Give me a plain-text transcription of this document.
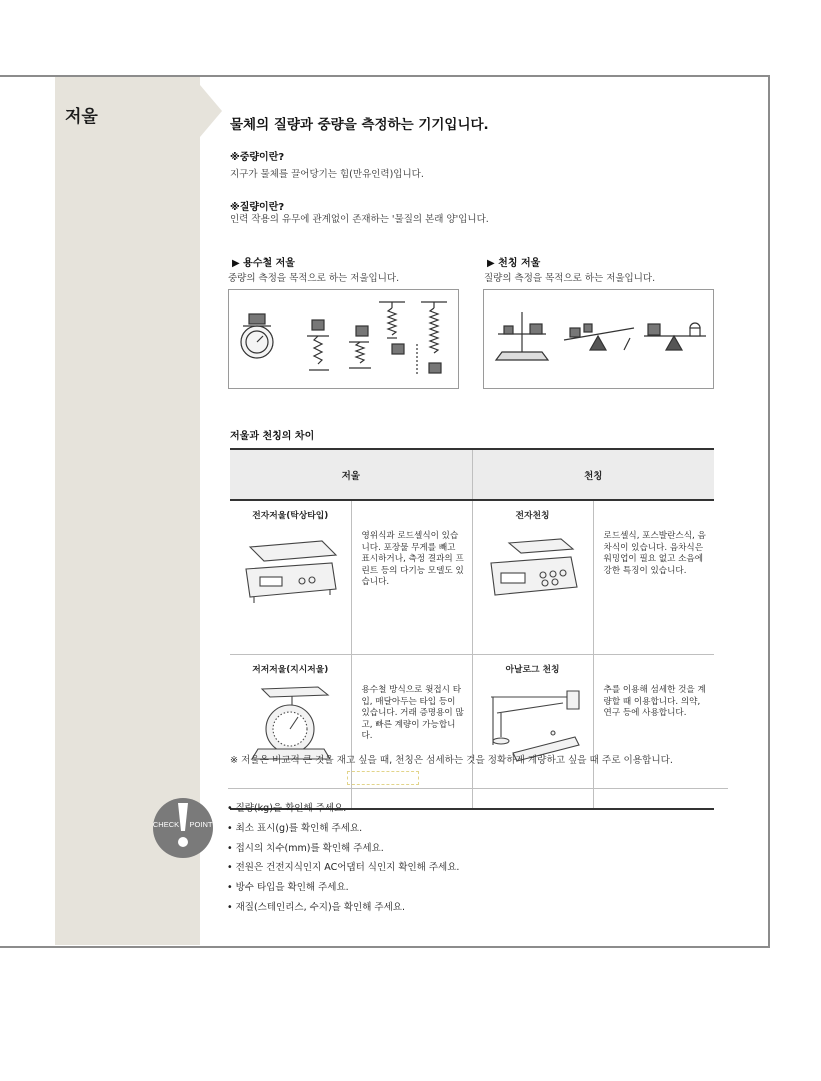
저울	물체의 질량과 중량을 측정하는 기기입니다.
※중량이란?
지구가 물체를 끌어당기는 힘(만유인력)입니다.
※질량이란?
인력 작용의 유무에 관계없이 존재하는 '물질의 본래 양'입니다.
▶ 용수철 저울
중량의 측정을 목적으로 하는 저울입니다.
▶ 천칭 저울
질량의 측정을 목적으로 하는 저울입니다.
저울과 천칭의 차이
저울		천칭	

전자저울(탁상타입)	영위식과 로드셀식이 있습니다. 포장물 무게를 빼고 표시하거나, 측정 결과의 프린트 등의 다기능 모델도 있습니다.	전자천칭	로드셀식, 포스발란스식, 음차식이 있습니다. 음차식은 워밍업이 필요 없고 소음에 강한 특징이 있습니다.

저저저울(지시저울)	용수철 방식으로 윗접시 타입, 매달아두는 타입 등이 있습니다. 거래 증명용이 많고, 빠른 계량이 가능합니다.	아날로그 천칭	추를 이용해 섬세한 것을 계량할 때 이용합니다. 의약, 연구 등에 사용합니다.
※ 저울은 비교적 큰 것을 재고 싶을 때, 천칭은 섬세하는 것을 정확하게 계량하고 싶을 때 주로 이용합니다.
CHECK POINT
• 질량(kg)을 확인해 주세요.
• 최소 표시(g)를 확인해 주세요.
• 접시의 치수(mm)를 확인해 주세요.
• 전원은 건전지식인지 AC어댑터 식인지 확인해 주세요.
• 방수 타입을 확인해 주세요.
• 재질(스테인리스, 수지)을 확인해 주세요.
